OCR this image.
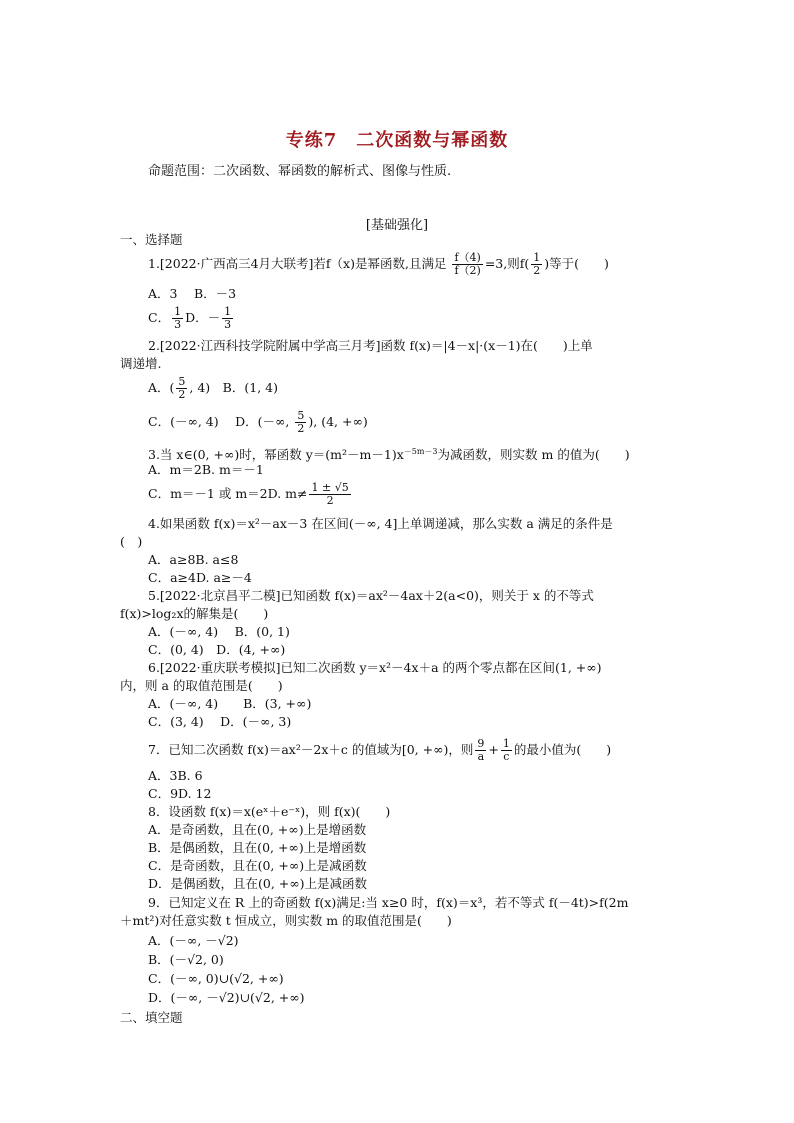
专练7　二次函数与幂函数
命题范围：二次函数、幂函数的解析式、图像与性质.
[基础强化]
一、选择题
1.[2022·广西高三4月大联考]若f（x)是幂函数,且满足 $\frac{f(4)}{f(2)} =3$,则$f( \frac{1}{2}$ )等于(　　)
A．3　 B．－3
C． $\frac{1}{3}$ D．－ $\frac{1}{3}$
2.[2022·江西科技学院附属中学高三月考]函数 f(x)＝|4－x|·(x－1)在(　　)上单
调递增.
A．( $\frac{5}{2}$ , 4)　B．(1, 4)
C．(－∞, 4)　 D．(－∞, $\frac{5}{2}$ ), (4, +∞)
3.当 x∈(0, +∞)时，幂函数 $y=(m^2-m-1)x^{-5m-3}$为减函数，则实数 m 的值为(　　)
A．m＝2B. m＝－1
C．m＝－1 或 m＝2D. $m\ne \frac{1 \pm √5}{2}$
4.如果函数 f(x)＝x²－ax－3 在区间(－∞, 4]上单调递减，那么实数 a 满足的条件是
(　)
A．a≥8B. a≤8
C．a≥4D. a≥－4
5.[2022·北京昌平二模]已知函数 f(x)＝ax²－4ax＋2(a<0)，则关于 x 的不等式
f(x)>log₂x的解集是(　　)
A．(－∞, 4)　 B．(0, 1)
C．(0, 4)　D．(4, +∞)
6.[2022·重庆联考模拟]已知二次函数 y＝x²－4x＋a 的两个零点都在区间(1, +∞)
内，则 a 的取值范围是(　　)
A．(－∞, 4)　　B．(3, +∞)
C．(3, 4)　 D．(－∞, 3)
7．已知二次函数 f(x)＝ax²－2x＋c 的值域为[0, +∞)，则 $\frac{9}{a} + \frac{1}{c}$ 的最小值为(　　)
A．3B. 6
C．9D. 12
8．设函数 f(x)＝x(eˣ＋e⁻ˣ)，则 f(x)(　　)
A．是奇函数，且在(0, +∞)上是增函数
B．是偶函数，且在(0, +∞)上是增函数
C．是奇函数，且在(0, +∞)上是减函数
D．是偶函数，且在(0, +∞)上是减函数
9．已知定义在 R 上的奇函数 f(x)满足:当 x≥0 时，f(x)＝x³，若不等式 f(－4t)>f(2m
＋mt²)对任意实数 t 恒成立，则实数 m 的取值范围是(　　)
A．(－∞, －√2)
B．(－√2, 0)
C．(－∞, 0)∪(√2, +∞)
D．(－∞, －√2)∪(√2, +∞)
二、填空题
